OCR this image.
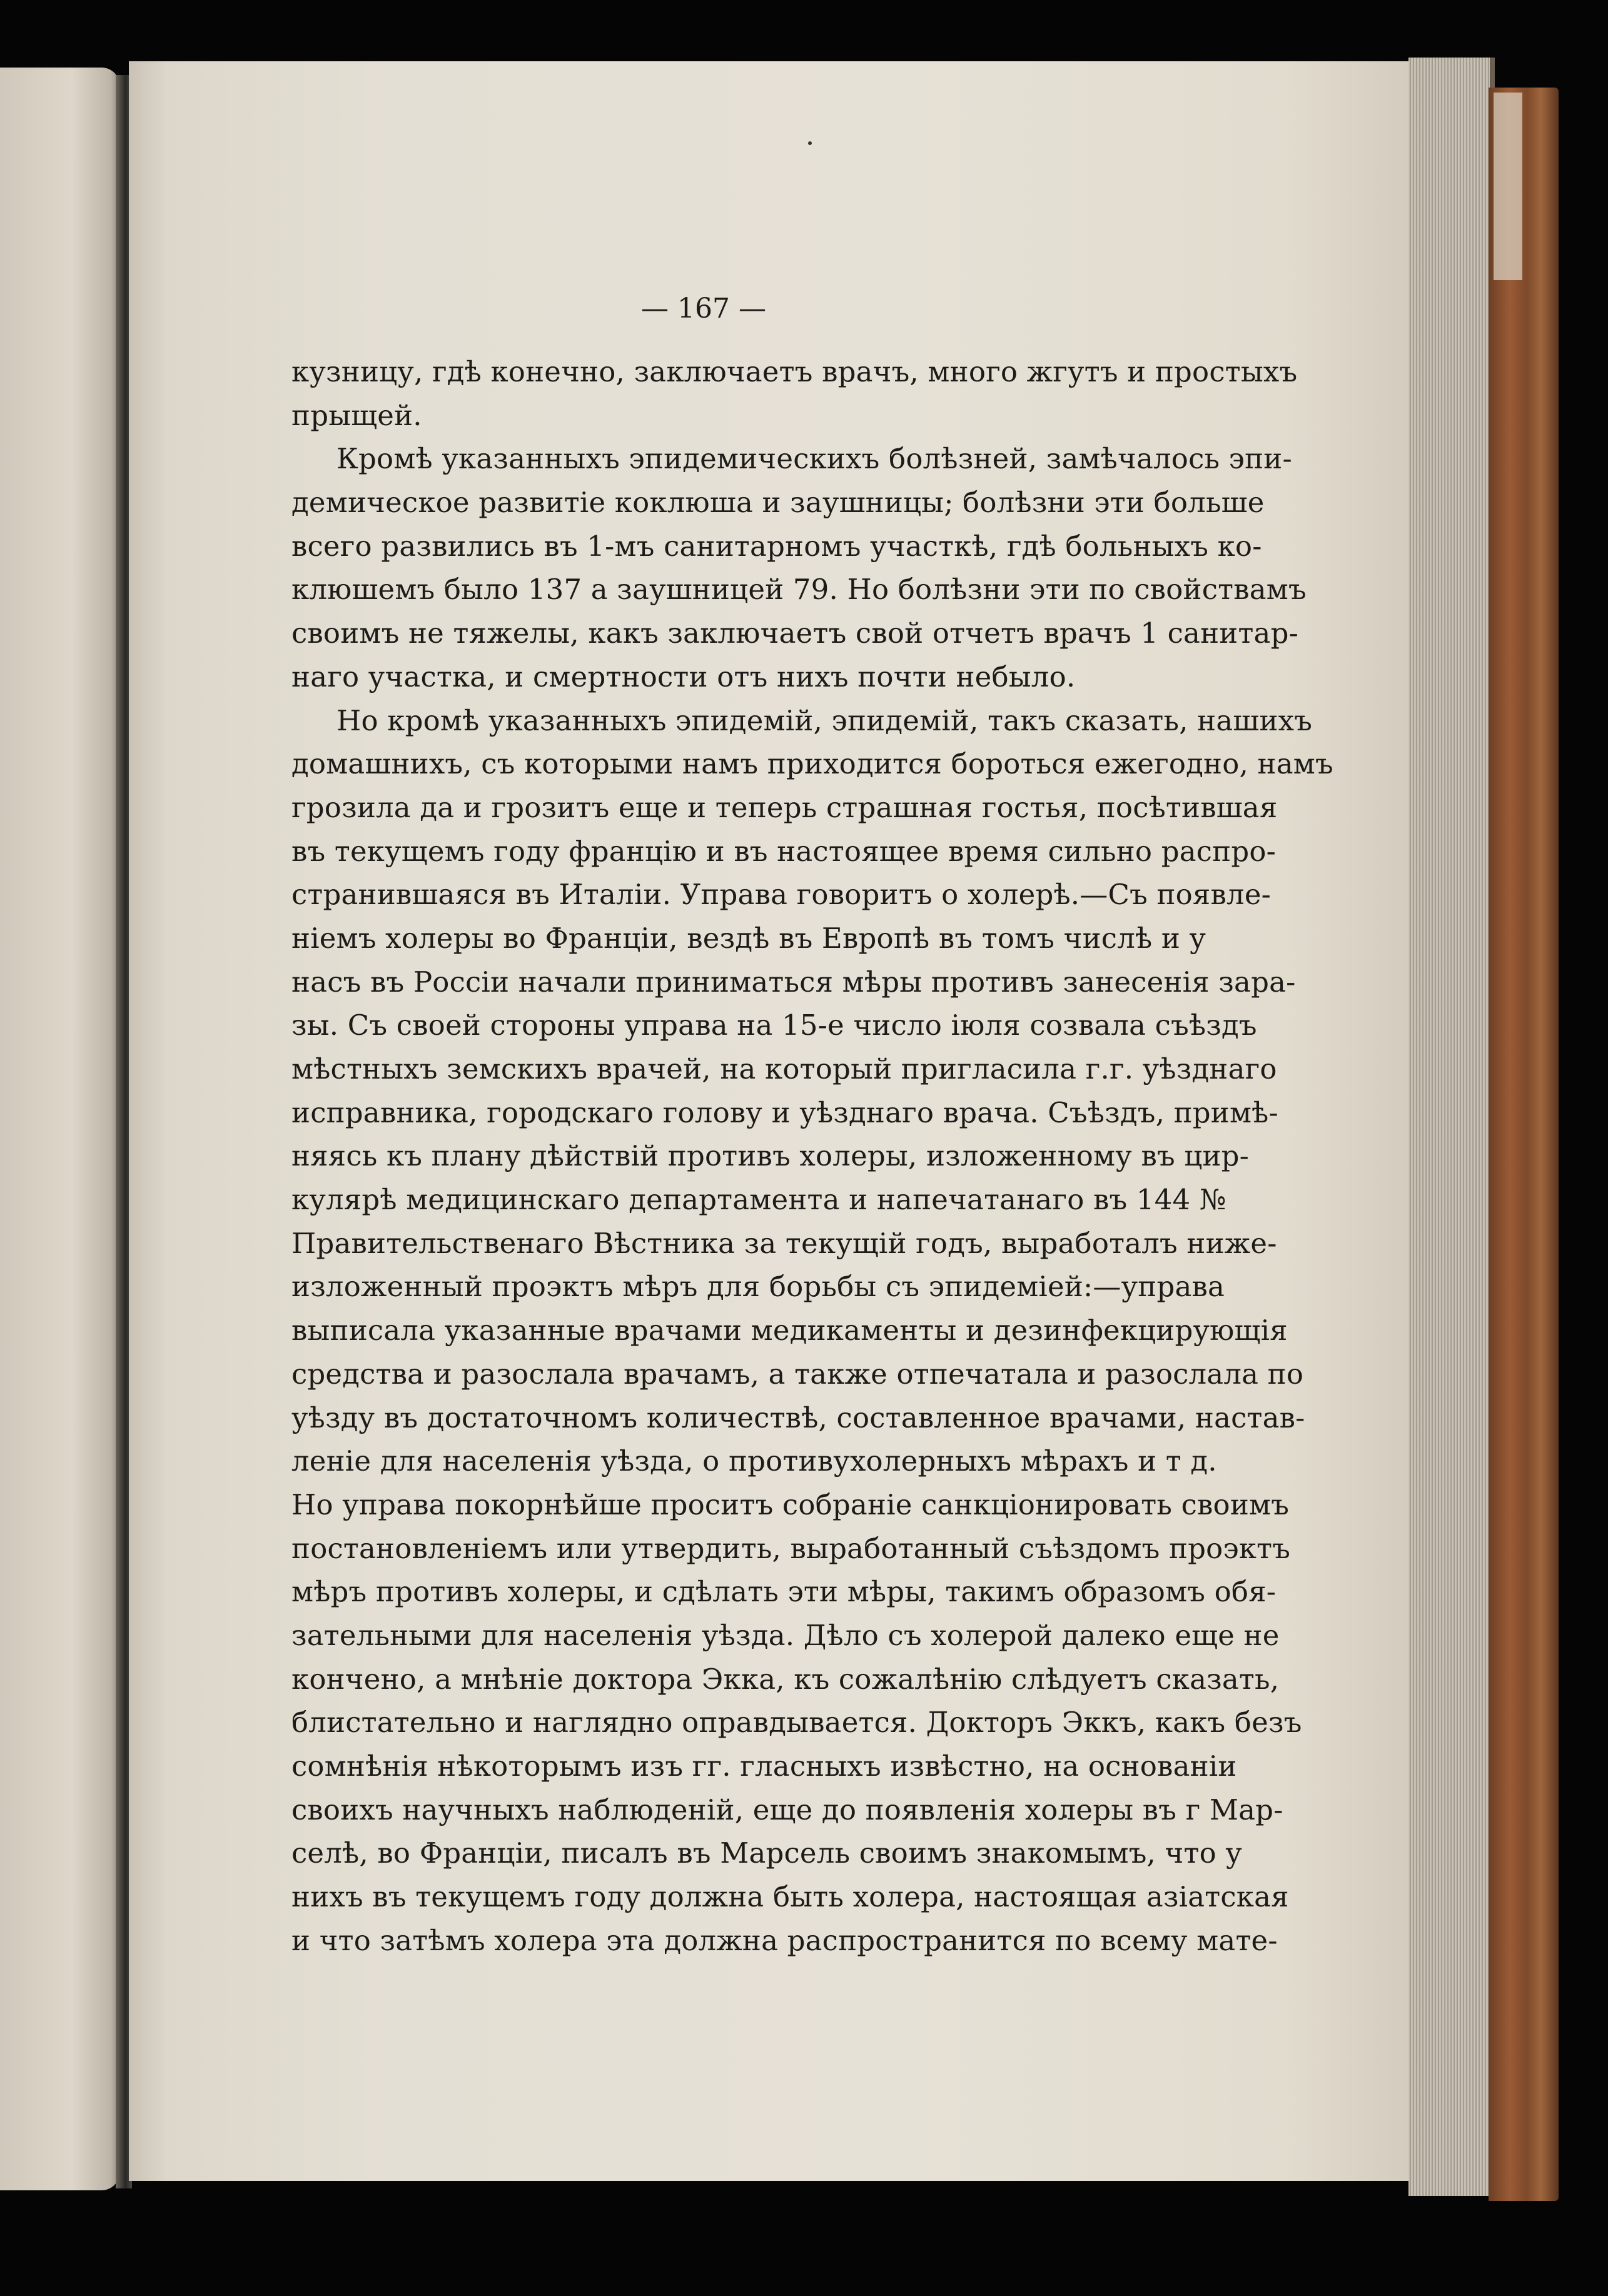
— 167 —
кузницу, гдѣ конечно, заключаетъ врачъ, много жгутъ и простыхъ
прыщей.
Кромѣ указанныхъ эпидемическихъ болѣзней, замѣчалось эпи-
демическое развитіе коклюша и заушницы; болѣзни эти больше
всего развились въ 1-мъ санитарномъ участкѣ, гдѣ больныхъ ко-
клюшемъ было 137 а заушницей 79. Но болѣзни эти по свойствамъ
своимъ не тяжелы, какъ заключаетъ свой отчетъ врачъ 1 санитар-
наго участка, и смертности отъ нихъ почти небыло.
Но кромѣ указанныхъ эпидемій, эпидемій, такъ сказать, нашихъ
домашнихъ, съ которыми намъ приходится бороться ежегодно, намъ
грозила да и грозитъ еще и теперь страшная гостья, посѣтившая
въ текущемъ году францію и въ настоящее время сильно распро-
странившаяся въ Италіи. Управа говоритъ о холерѣ.—Съ появле-
ніемъ холеры во Франціи, вездѣ въ Европѣ въ томъ числѣ и у
насъ въ Россіи начали приниматься мѣры противъ занесенія зара-
зы. Съ своей стороны управа на 15-е число іюля созвала съѣздъ
мѣстныхъ земскихъ врачей, на который пригласила г.г. уѣзднаго
исправника, городскаго голову и уѣзднаго врача. Съѣздъ, примѣ-
няясь къ плану дѣйствій противъ холеры, изложенному въ цир-
кулярѣ медицинскаго департамента и напечатанаго въ 144 №
Правительственаго Вѣстника за текущій годъ, выработалъ ниже-
изложенный проэктъ мѣръ для борьбы съ эпидеміей:—управа
выписала указанные врачами медикаменты и дезинфекцирующія
средства и разослала врачамъ, а также отпечатала и разослала по
уѣзду въ достаточномъ количествѣ, составленное врачами, настав-
леніе для населенія уѣзда, о противухолерныхъ мѣрахъ и т д.
Но управа покорнѣйше проситъ собраніе санкціонировать своимъ
постановленіемъ или утвердить, выработанный съѣздомъ проэктъ
мѣръ противъ холеры, и сдѣлать эти мѣры, такимъ образомъ обя-
зательными для населенія уѣзда. Дѣло съ холерой далеко еще не
кончено, а мнѣніе доктора Экка, къ сожалѣнію слѣдуетъ сказать,
блистательно и наглядно оправдывается. Докторъ Эккъ, какъ безъ
сомнѣнія нѣкоторымъ изъ гг. гласныхъ извѣстно, на основаніи
своихъ научныхъ наблюденій, еще до появленія холеры въ г Мар-
селѣ, во Франціи, писалъ въ Марсель своимъ знакомымъ, что у
нихъ въ текущемъ году должна быть холера, настоящая азіатская
и что затѣмъ холера эта должна распространится по всему мате-
